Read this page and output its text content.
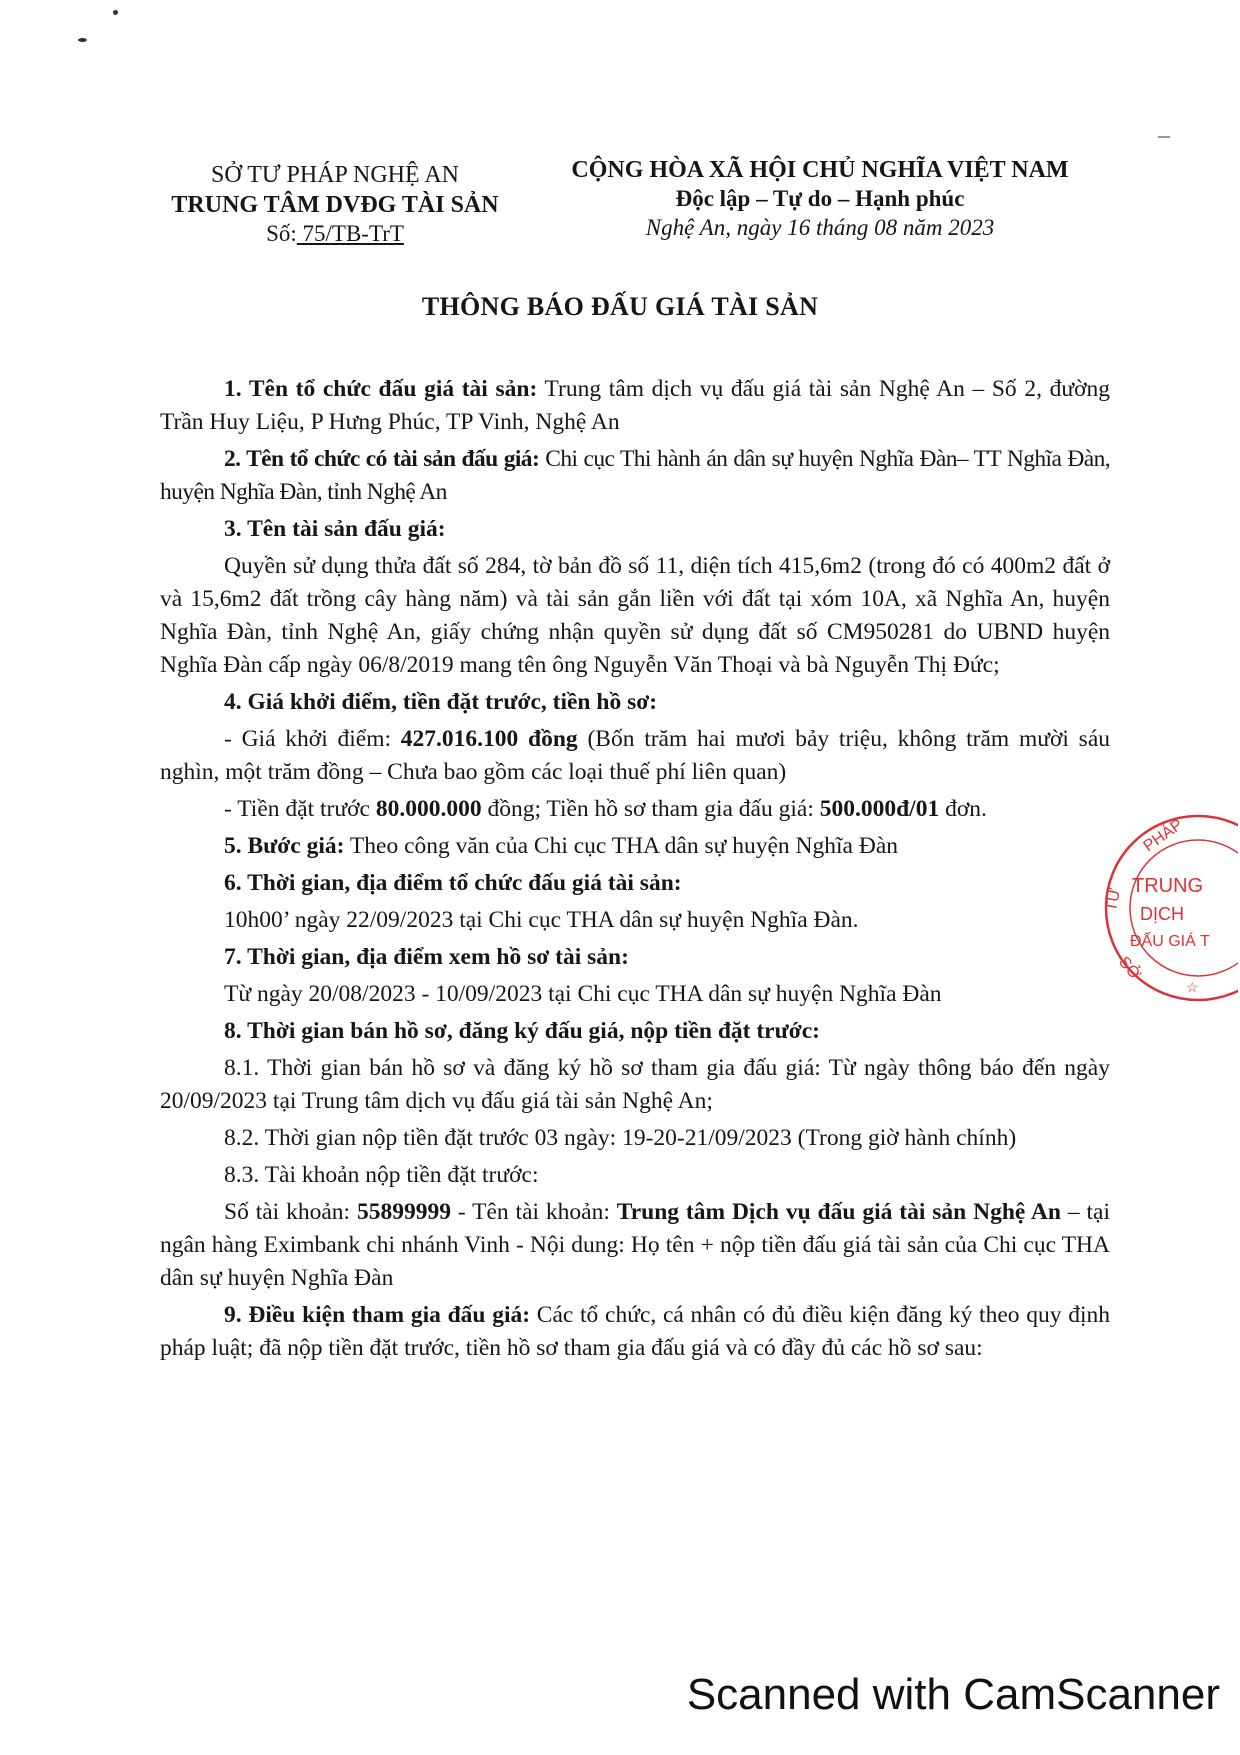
SỞ TƯ PHÁP NGHỆ AN
TRUNG TÂM DVĐG TÀI SẢN
Số: 75/TB-TrT
CỘNG HÒA XÃ HỘI CHỦ NGHĨA VIỆT NAM
Độc lập – Tự do – Hạnh phúc
Nghệ An, ngày 16 tháng 08 năm 2023
THÔNG BÁO ĐẤU GIÁ TÀI SẢN

1. Tên tổ chức đấu giá tài sản: Trung tâm dịch vụ đấu giá tài sản Nghệ An – Số 2, đường Trần Huy Liệu, P Hưng Phúc, TP Vinh, Nghệ An

2. Tên tổ chức có tài sản đấu giá: Chi cục Thi hành án dân sự huyện Nghĩa Đàn– TT Nghĩa Đàn, huyện Nghĩa Đàn, tỉnh Nghệ An

3. Tên tài sản đấu giá:

Quyền sử dụng thửa đất số 284, tờ bản đồ số 11, diện tích 415,6m2 (trong đó có 400m2 đất ở và 15,6m2 đất trồng cây hàng năm) và tài sản gắn liền với đất tại xóm 10A, xã Nghĩa An, huyện Nghĩa Đàn, tỉnh Nghệ An, giấy chứng nhận quyền sử dụng đất số CM950281 do UBND huyện Nghĩa Đàn cấp ngày 06/8/2019 mang tên ông Nguyễn Văn Thoại và bà Nguyễn Thị Đức;

4. Giá khởi điểm, tiền đặt trước, tiền hồ sơ:

- Giá khởi điểm: 427.016.100 đồng (Bốn trăm hai mươi bảy triệu, không trăm mười sáu nghìn, một trăm đồng – Chưa bao gồm các loại thuế phí liên quan)

- Tiền đặt trước 80.000.000 đồng; Tiền hồ sơ tham gia đấu giá: 500.000đ/01 đơn.

5. Bước giá: Theo công văn của Chi cục THA dân sự huyện Nghĩa Đàn

6. Thời gian, địa điểm tổ chức đấu giá tài sản:

10h00’ ngày 22/09/2023 tại Chi cục THA dân sự huyện Nghĩa Đàn.

7. Thời gian, địa điểm xem hồ sơ tài sản:

Từ ngày 20/08/2023 - 10/09/2023 tại Chi cục THA dân sự huyện Nghĩa Đàn

8. Thời gian bán hồ sơ, đăng ký đấu giá, nộp tiền đặt trước:

8.1. Thời gian bán hồ sơ và đăng ký hồ sơ tham gia đấu giá: Từ ngày thông báo đến ngày 20/09/2023 tại Trung tâm dịch vụ đấu giá tài sản Nghệ An;

8.2. Thời gian nộp tiền đặt trước 03 ngày: 19-20-21/09/2023 (Trong giờ hành chính)

8.3. Tài khoản nộp tiền đặt trước:

Số tài khoản: 55899999 - Tên tài khoản: Trung tâm Dịch vụ đấu giá tài sản Nghệ An – tại ngân hàng Eximbank chi nhánh Vinh - Nội dung: Họ tên + nộp tiền đấu giá tài sản của Chi cục THA dân sự huyện Nghĩa Đàn

9. Điều kiện tham gia đấu giá: Các tổ chức, cá nhân có đủ điều kiện đăng ký theo quy định pháp luật; đã nộp tiền đặt trước, tiền hồ sơ tham gia đấu giá và có đầy đủ các hồ sơ sau:

PHÁP
TƯ
SỞ
TRUNG
DỊCH
ĐẤU GIÁ T
☆
Scanned with CamScanner
